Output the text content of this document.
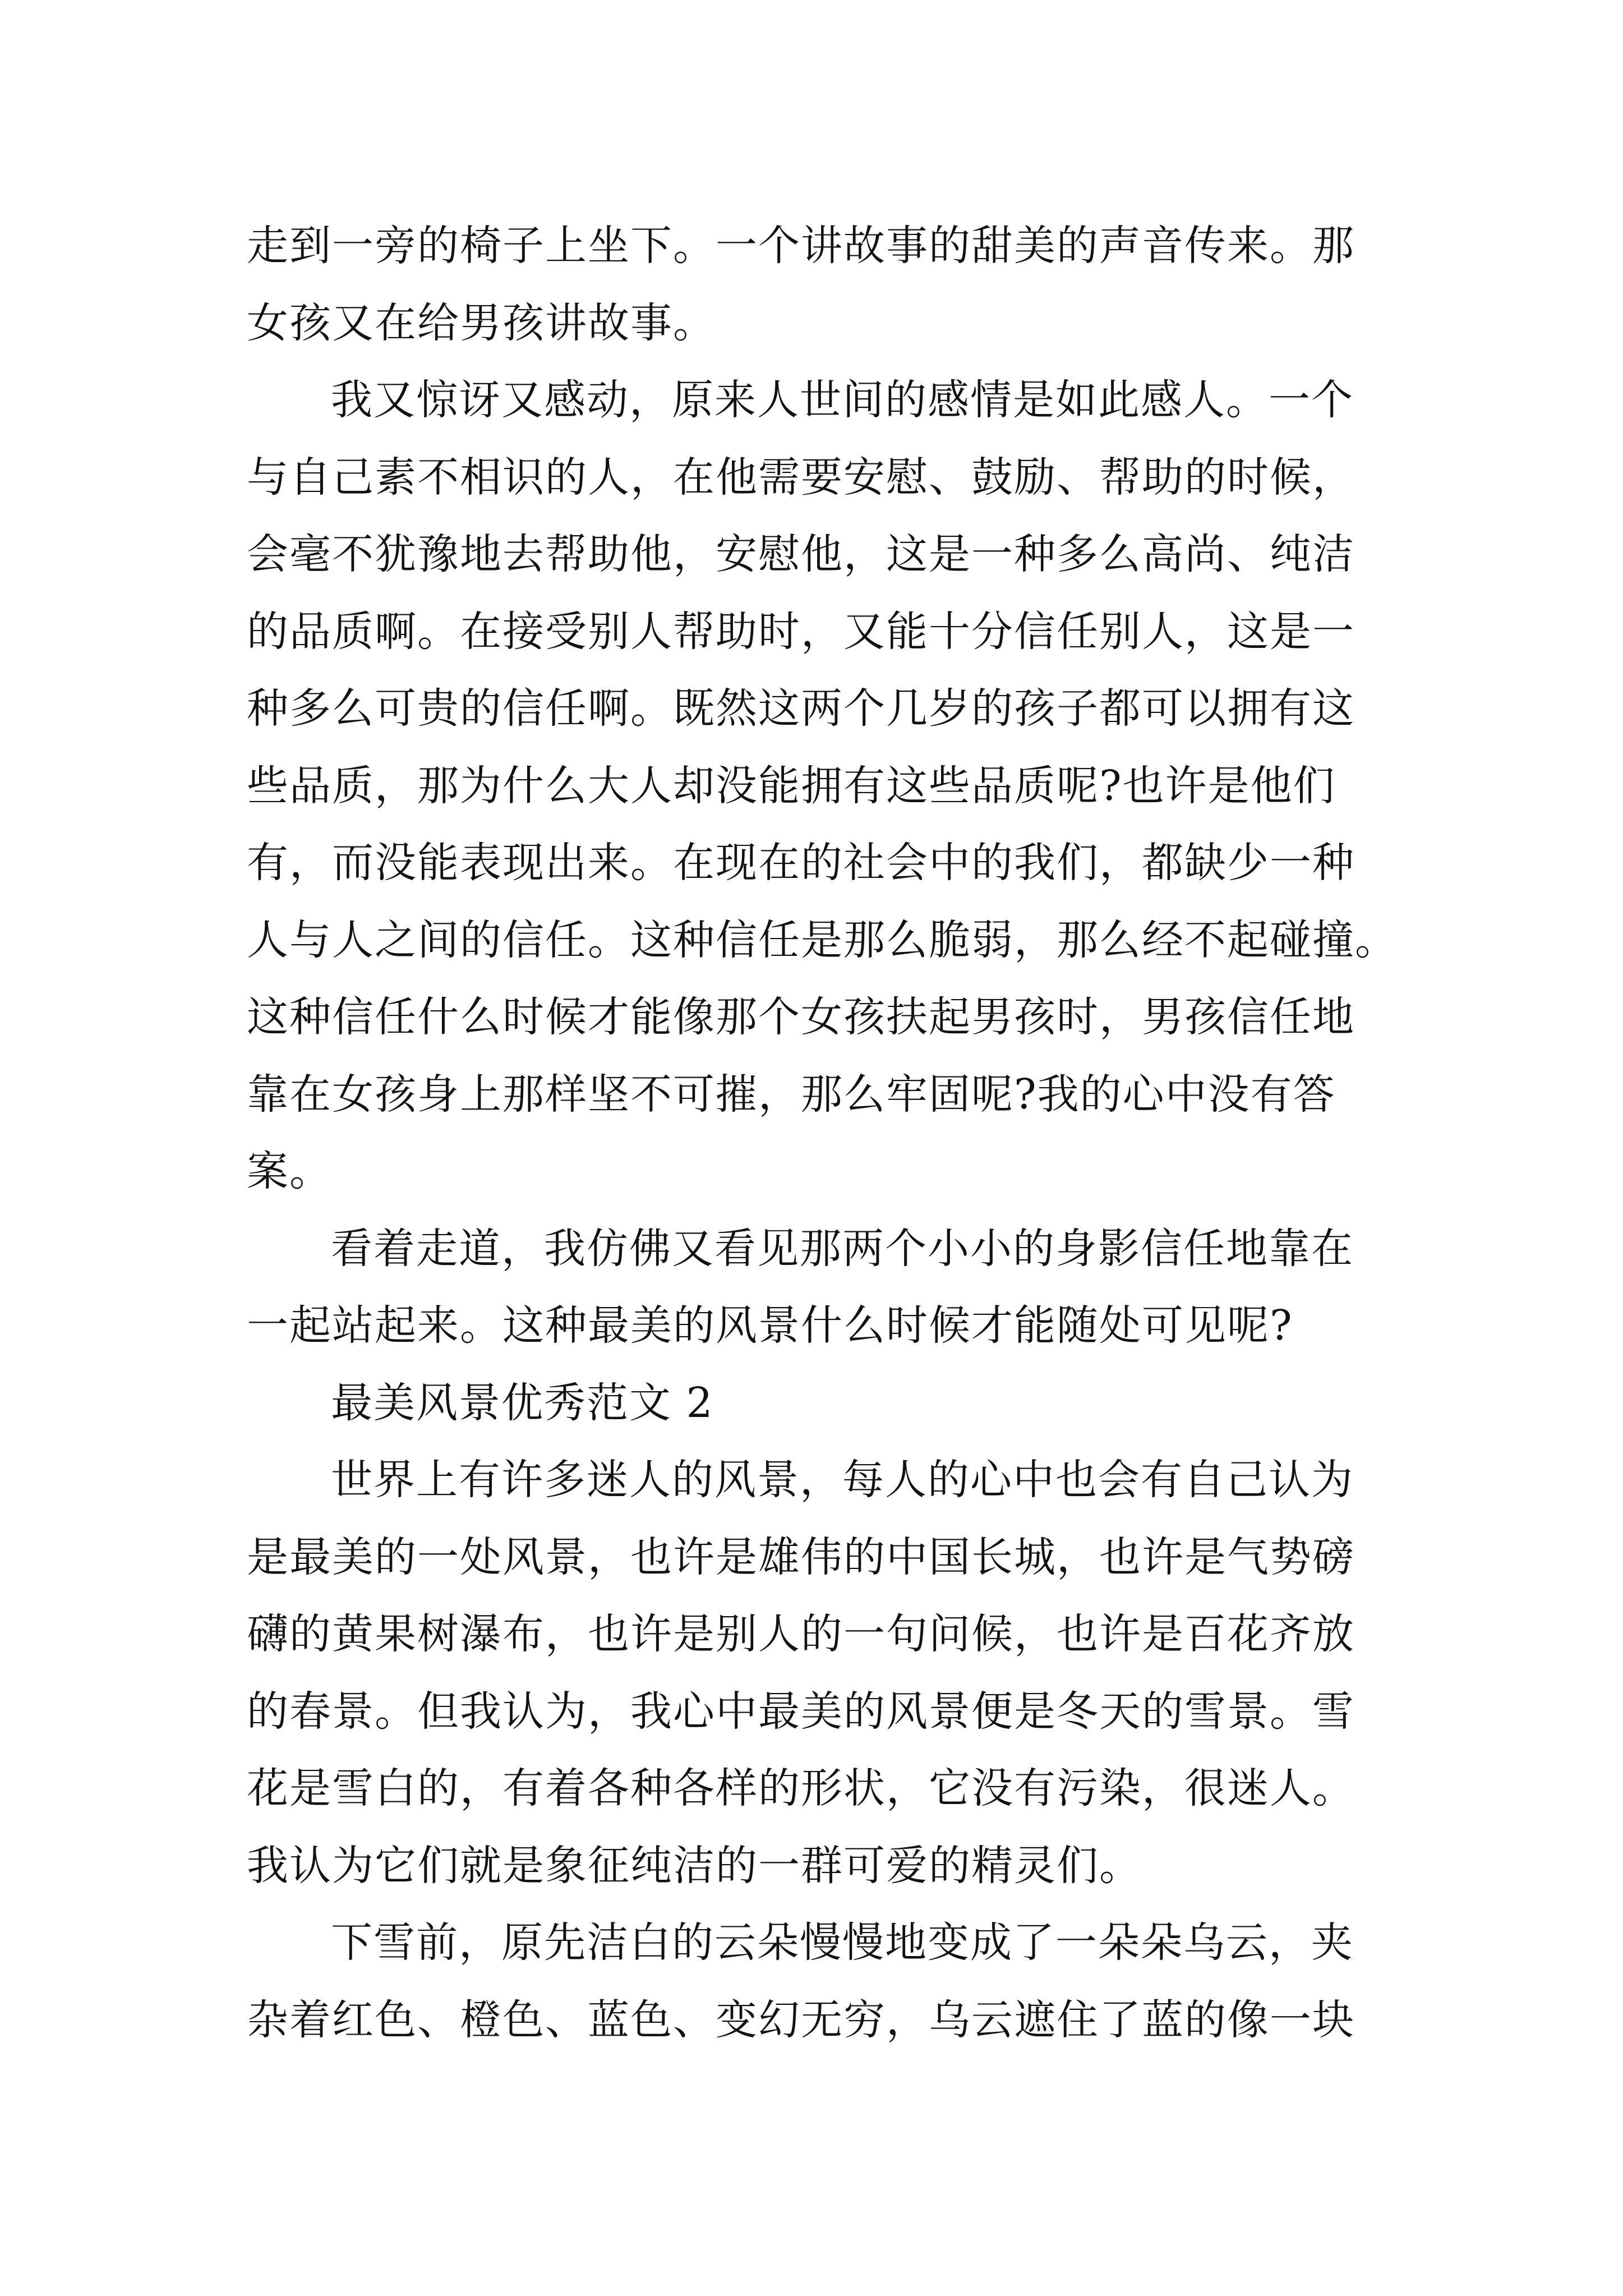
走到一旁的椅子上坐下。一个讲故事的甜美的声音传来。那
女孩又在给男孩讲故事。
我又惊讶又感动，原来人世间的感情是如此感人。一个
与自己素不相识的人，在他需要安慰、鼓励、帮助的时候，
会毫不犹豫地去帮助他，安慰他，这是一种多么高尚、纯洁
的品质啊。在接受别人帮助时，又能十分信任别人，这是一
种多么可贵的信任啊。既然这两个几岁的孩子都可以拥有这
些品质，那为什么大人却没能拥有这些品质呢?也许是他们
有，而没能表现出来。在现在的社会中的我们，都缺少一种
人与人之间的信任。这种信任是那么脆弱，那么经不起碰撞。
这种信任什么时候才能像那个女孩扶起男孩时，男孩信任地
靠在女孩身上那样坚不可摧，那么牢固呢?我的心中没有答
案。
看着走道，我仿佛又看见那两个小小的身影信任地靠在
一起站起来。这种最美的风景什么时候才能随处可见呢?
最美风景优秀范文 2
世界上有许多迷人的风景，每人的心中也会有自己认为
是最美的一处风景，也许是雄伟的中国长城，也许是气势磅
礴的黄果树瀑布，也许是别人的一句问候，也许是百花齐放
的春景。但我认为，我心中最美的风景便是冬天的雪景。雪
花是雪白的，有着各种各样的形状，它没有污染，很迷人。
我认为它们就是象征纯洁的一群可爱的精灵们。
下雪前，原先洁白的云朵慢慢地变成了一朵朵乌云，夹
杂着红色、橙色、蓝色、变幻无穷，乌云遮住了蓝的像一块
